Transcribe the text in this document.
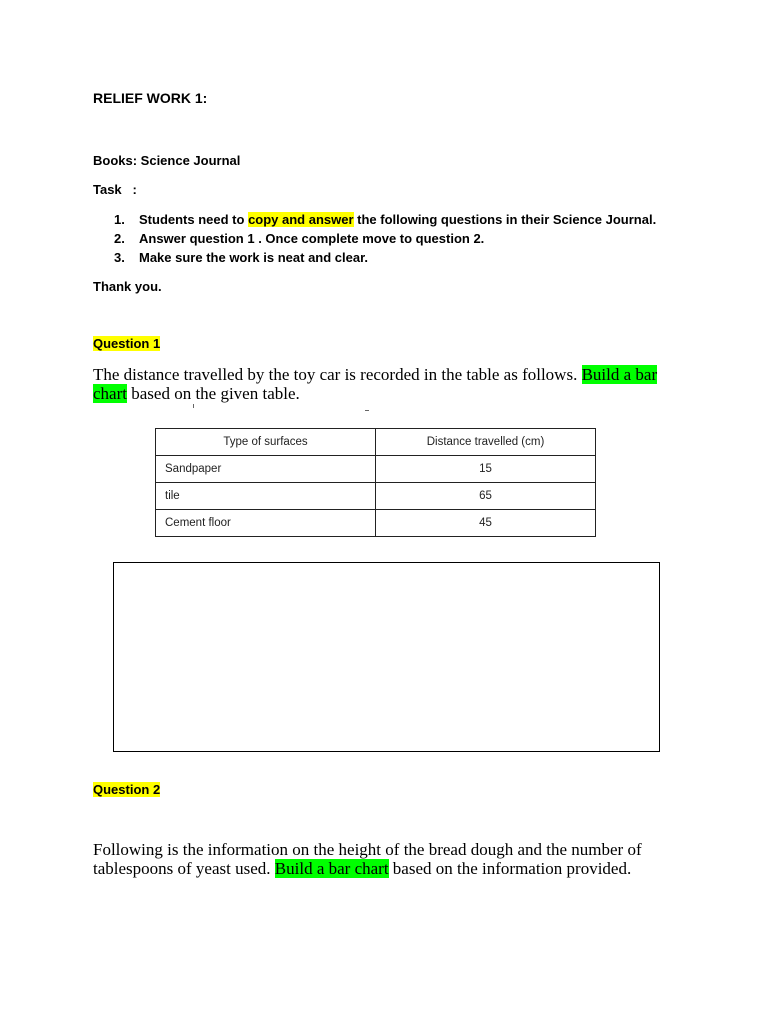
RELIEF WORK 1:
Books: Science Journal
Task   :
1. Students need to copy and answer the following questions in their Science Journal.
2. Answer question 1 . Once complete move to question 2.
3. Make sure the work is neat and clear.
Thank you.
Question 1
The distance travelled by the toy car is recorded in the table as follows. Build a bar chart based on the given table.
Type of surfaces	Distance travelled (cm)
Sandpaper	15
tile	65
Cement floor	45
Question 2
Following is the information on the height of the bread dough and the number of tablespoons of yeast used. Build a bar chart based on the information provided.
